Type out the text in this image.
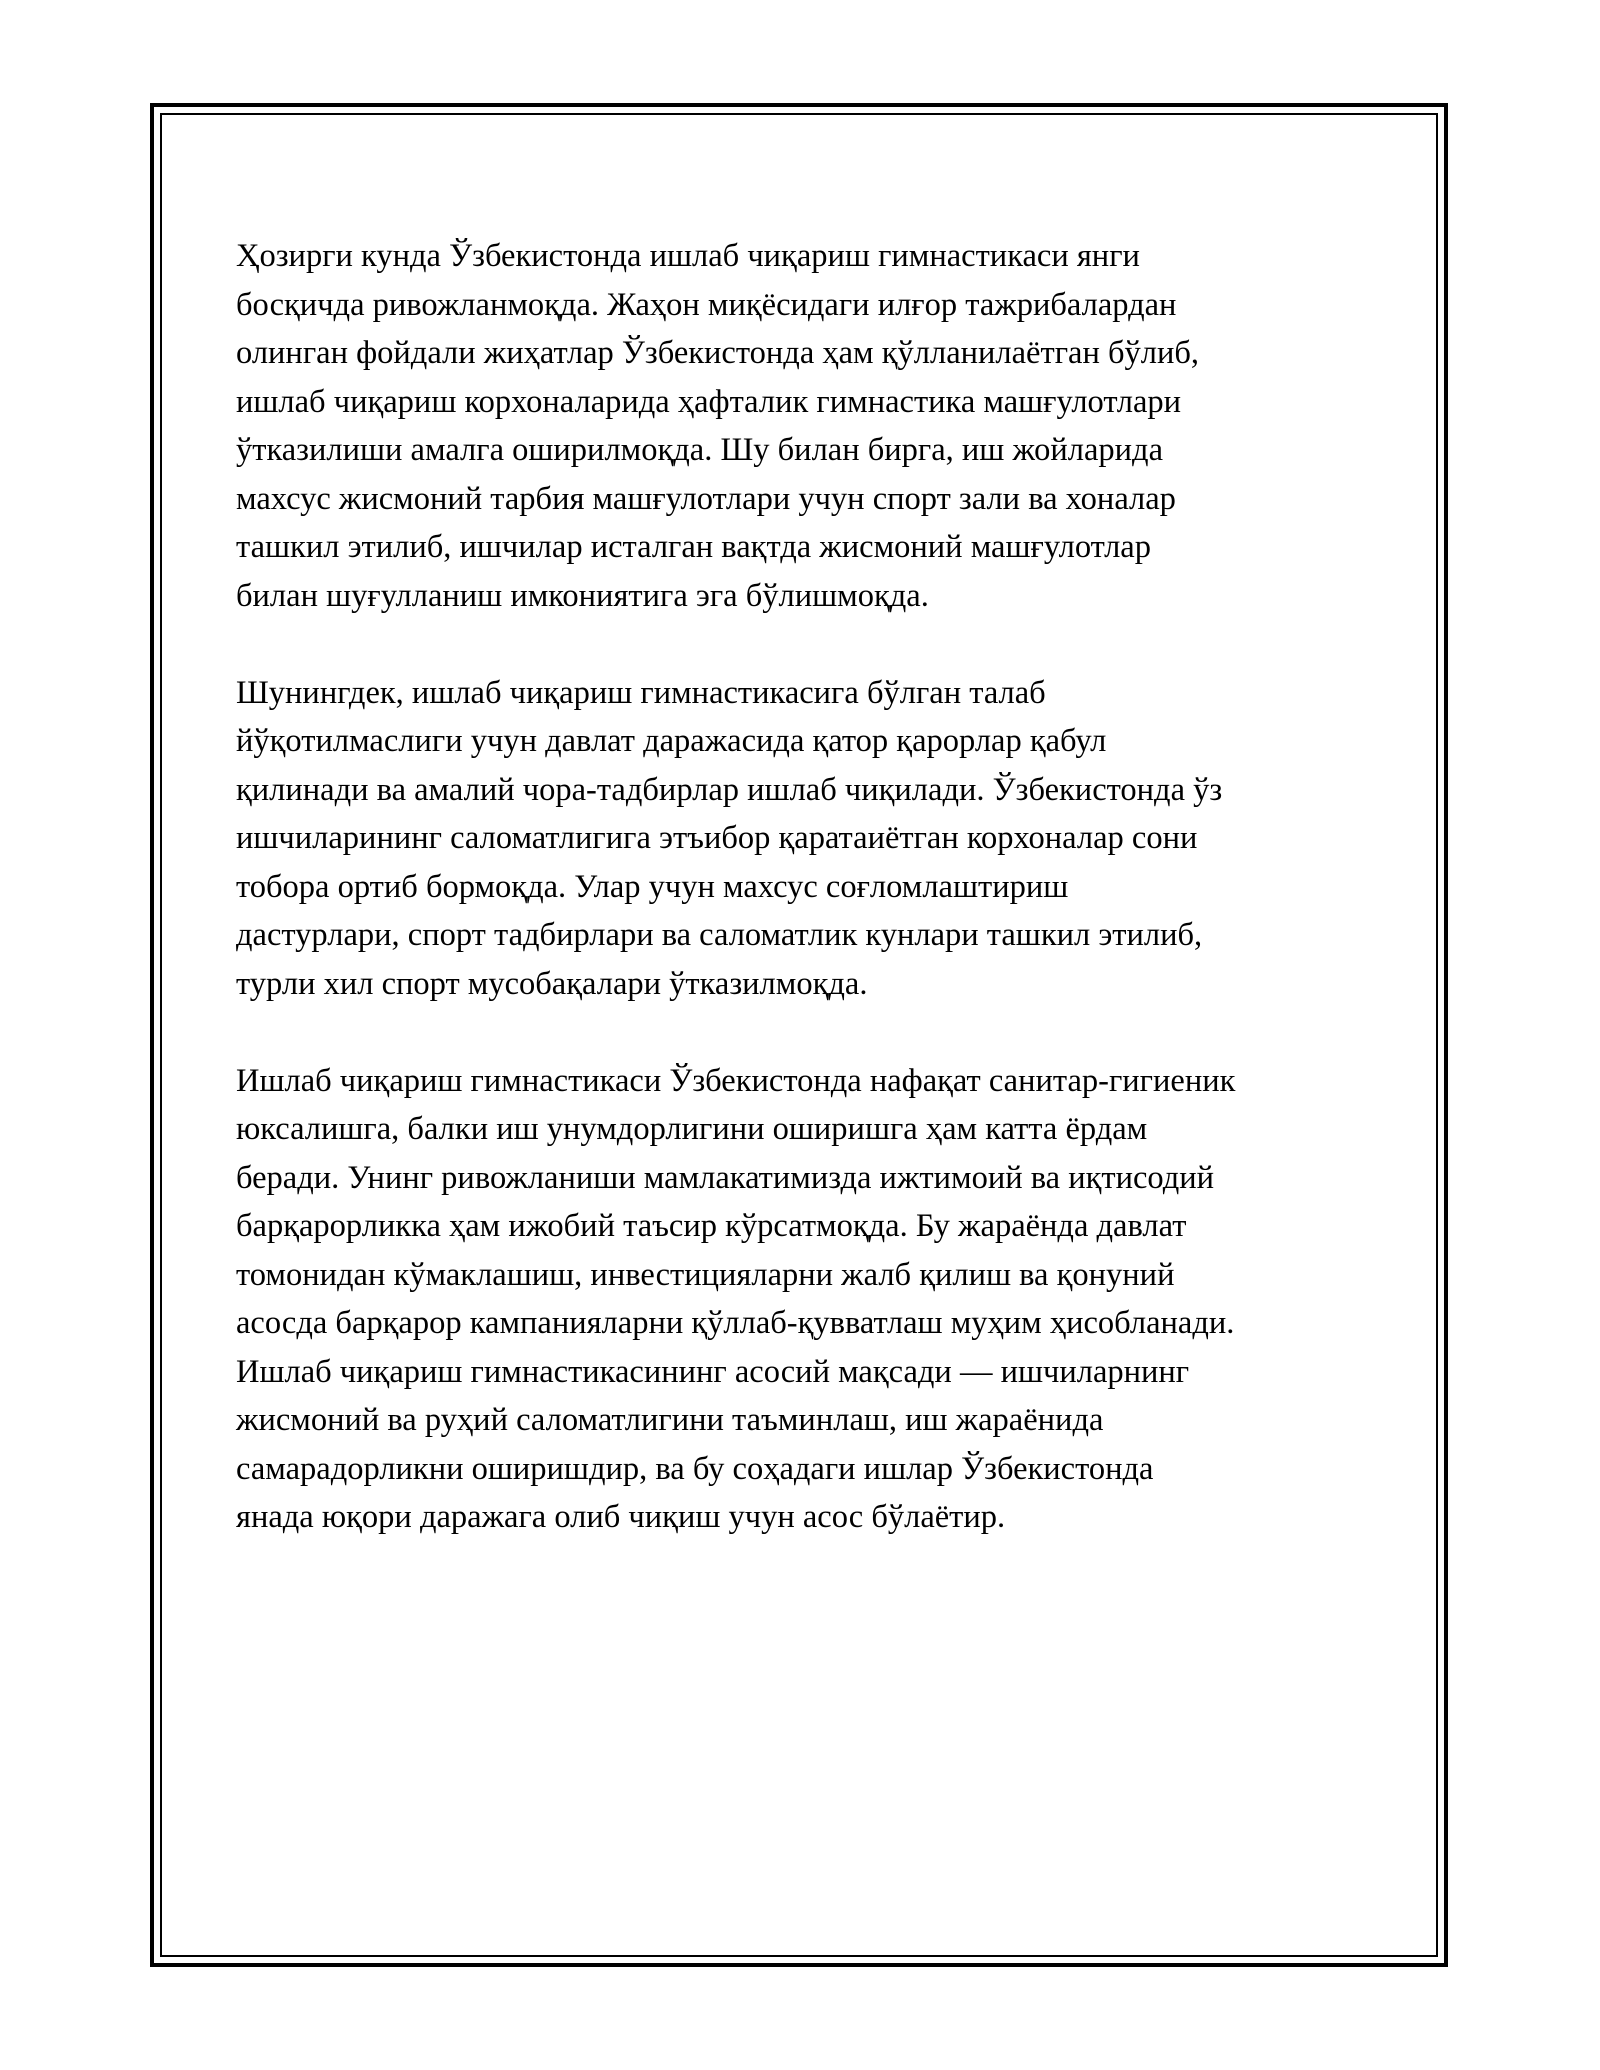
Ҳозирги кунда Ўзбекистонда ишлаб чиқариш гимнастикаси янги
босқичда ривожланмоқда. Жаҳон миқёсидаги илғор тажрибалардан
олинган фойдали жиҳатлар Ўзбекистонда ҳам қўлланилаётган бўлиб,
ишлаб чиқариш корхоналарида ҳафталик гимнастика машғулотлари
ўтказилиши амалга оширилмоқда. Шу билан бирга, иш жойларида
махсус жисмоний тарбия машғулотлари учун спорт зали ва хоналар
ташкил этилиб, ишчилар исталган вақтда жисмоний машғулотлар
билан шуғулланиш имкониятига эга бўлишмоқда.

Шунингдек, ишлаб чиқариш гимнастикасига бўлган талаб
йўқотилмаслиги учун давлат даражасида қатор қарорлар қабул
қилинади ва амалий чора-тадбирлар ишлаб чиқилади. Ўзбекистонда ўз
ишчиларининг саломатлигига этъибор қаратаиётган корхоналар сони
тобора ортиб бормоқда. Улар учун махсус соғломлаштириш
дастурлари, спорт тадбирлари ва саломатлик кунлари ташкил этилиб,
турли хил спорт мусобақалари ўтказилмоқда.

Ишлаб чиқариш гимнастикаси Ўзбекистонда нафақат санитар-гигиеник
юксалишга, балки иш унумдорлигини оширишга ҳам катта ёрдам
беради. Унинг ривожланиши мамлакатимизда ижтимоий ва иқтисодий
барқарорликка ҳам ижобий таъсир кўрсатмоқда. Бу жараёнда давлат
томонидан кўмаклашиш, инвестицияларни жалб қилиш ва қонуний
асосда барқарор кампанияларни қўллаб-қувватлаш муҳим ҳисобланади.
Ишлаб чиқариш гимнастикасининг асосий мақсади — ишчиларнинг
жисмоний ва руҳий саломатлигини таъминлаш, иш жараёнида
самарадорликни оширишдир, ва бу соҳадаги ишлар Ўзбекистонда
янада юқори даражага олиб чиқиш учун асос бўлаётир.
